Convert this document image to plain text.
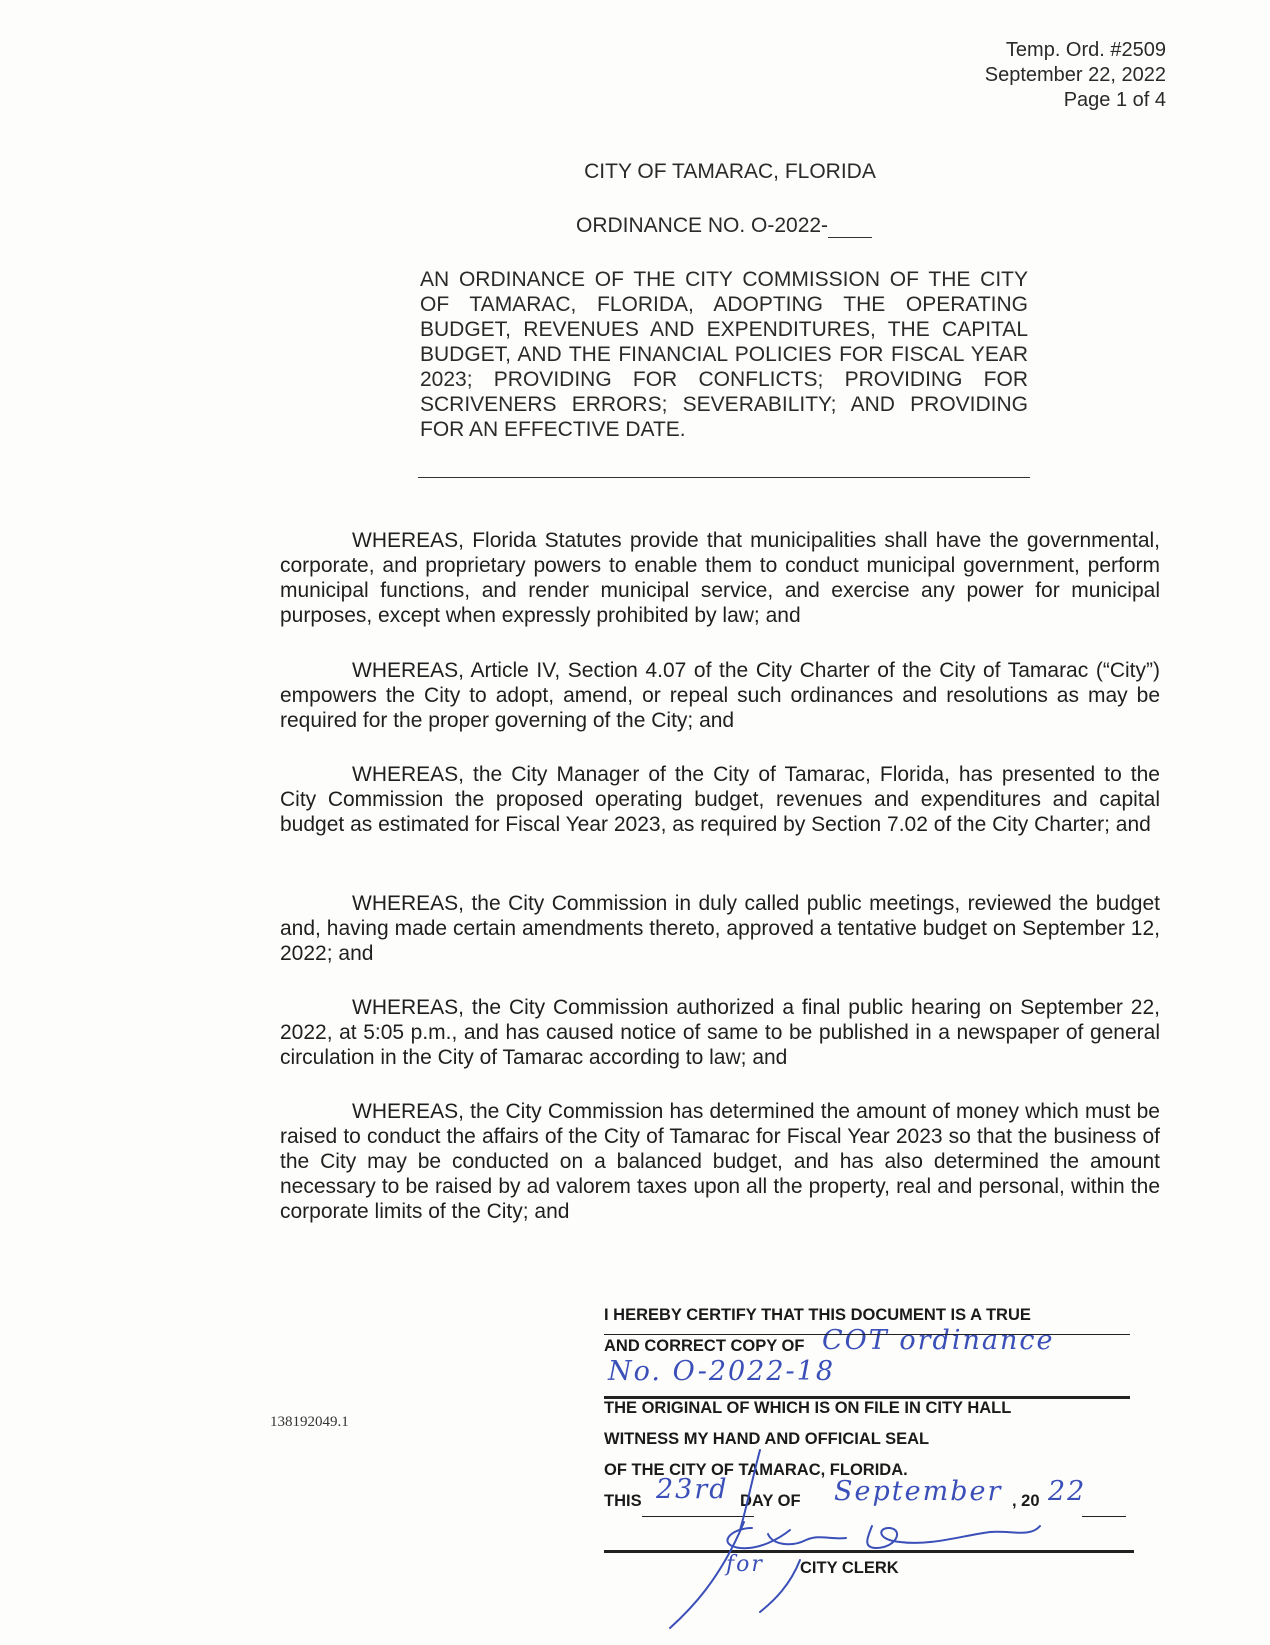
Temp. Ord. #2509
September 22, 2022
Page 1 of 4
CITY OF TAMARAC, FLORIDA
ORDINANCE NO. O-2022-
AN ORDINANCE OF THE CITY COMMISSION OF THE CITY OF TAMARAC, FLORIDA, ADOPTING THE OPERATING BUDGET, REVENUES AND EXPENDITURES, THE CAPITAL BUDGET, AND THE FINANCIAL POLICIES FOR FISCAL YEAR 2023; PROVIDING FOR CONFLICTS; PROVIDING FOR SCRIVENERS ERRORS; SEVERABILITY; AND PROVIDING FOR AN EFFECTIVE DATE.
WHEREAS, Florida Statutes provide that municipalities shall have the governmental, corporate, and proprietary powers to enable them to conduct municipal government, perform municipal functions, and render municipal service, and exercise any power for municipal purposes, except when expressly prohibited by law; and
WHEREAS, Article IV, Section 4.07 of the City Charter of the City of Tamarac (“City”) empowers the City to adopt, amend, or repeal such ordinances and resolutions as may be required for the proper governing of the City; and
WHEREAS, the City Manager of the City of Tamarac, Florida, has presented to the City Commission the proposed operating budget, revenues and expenditures and capital budget as estimated for Fiscal Year 2023, as required by Section 7.02 of the City Charter; and
WHEREAS, the City Commission in duly called public meetings, reviewed the budget and, having made certain amendments thereto, approved a tentative budget on September 12, 2022; and
WHEREAS, the City Commission authorized a final public hearing on September 22, 2022, at 5:05 p.m., and has caused notice of same to be published in a newspaper of general circulation in the City of Tamarac according to law; and
WHEREAS, the City Commission has determined the amount of money which must be raised to conduct the affairs of the City of Tamarac for Fiscal Year 2023 so that the business of the City may be conducted on a balanced budget, and has also determined the amount necessary to be raised by ad valorem taxes upon all the property, real and personal, within the corporate limits of the City; and
138192049.1
I HEREBY CERTIFY THAT THIS DOCUMENT IS A TRUE
AND CORRECT COPY OF COT ordinance
No. O-2022-18
THE ORIGINAL OF WHICH IS ON FILE IN CITY HALL
WITNESS MY HAND AND OFFICIAL SEAL
OF THE CITY OF TAMARAC, FLORIDA.
THIS 23rd DAY OF September , 20 22
for CITY CLERK
